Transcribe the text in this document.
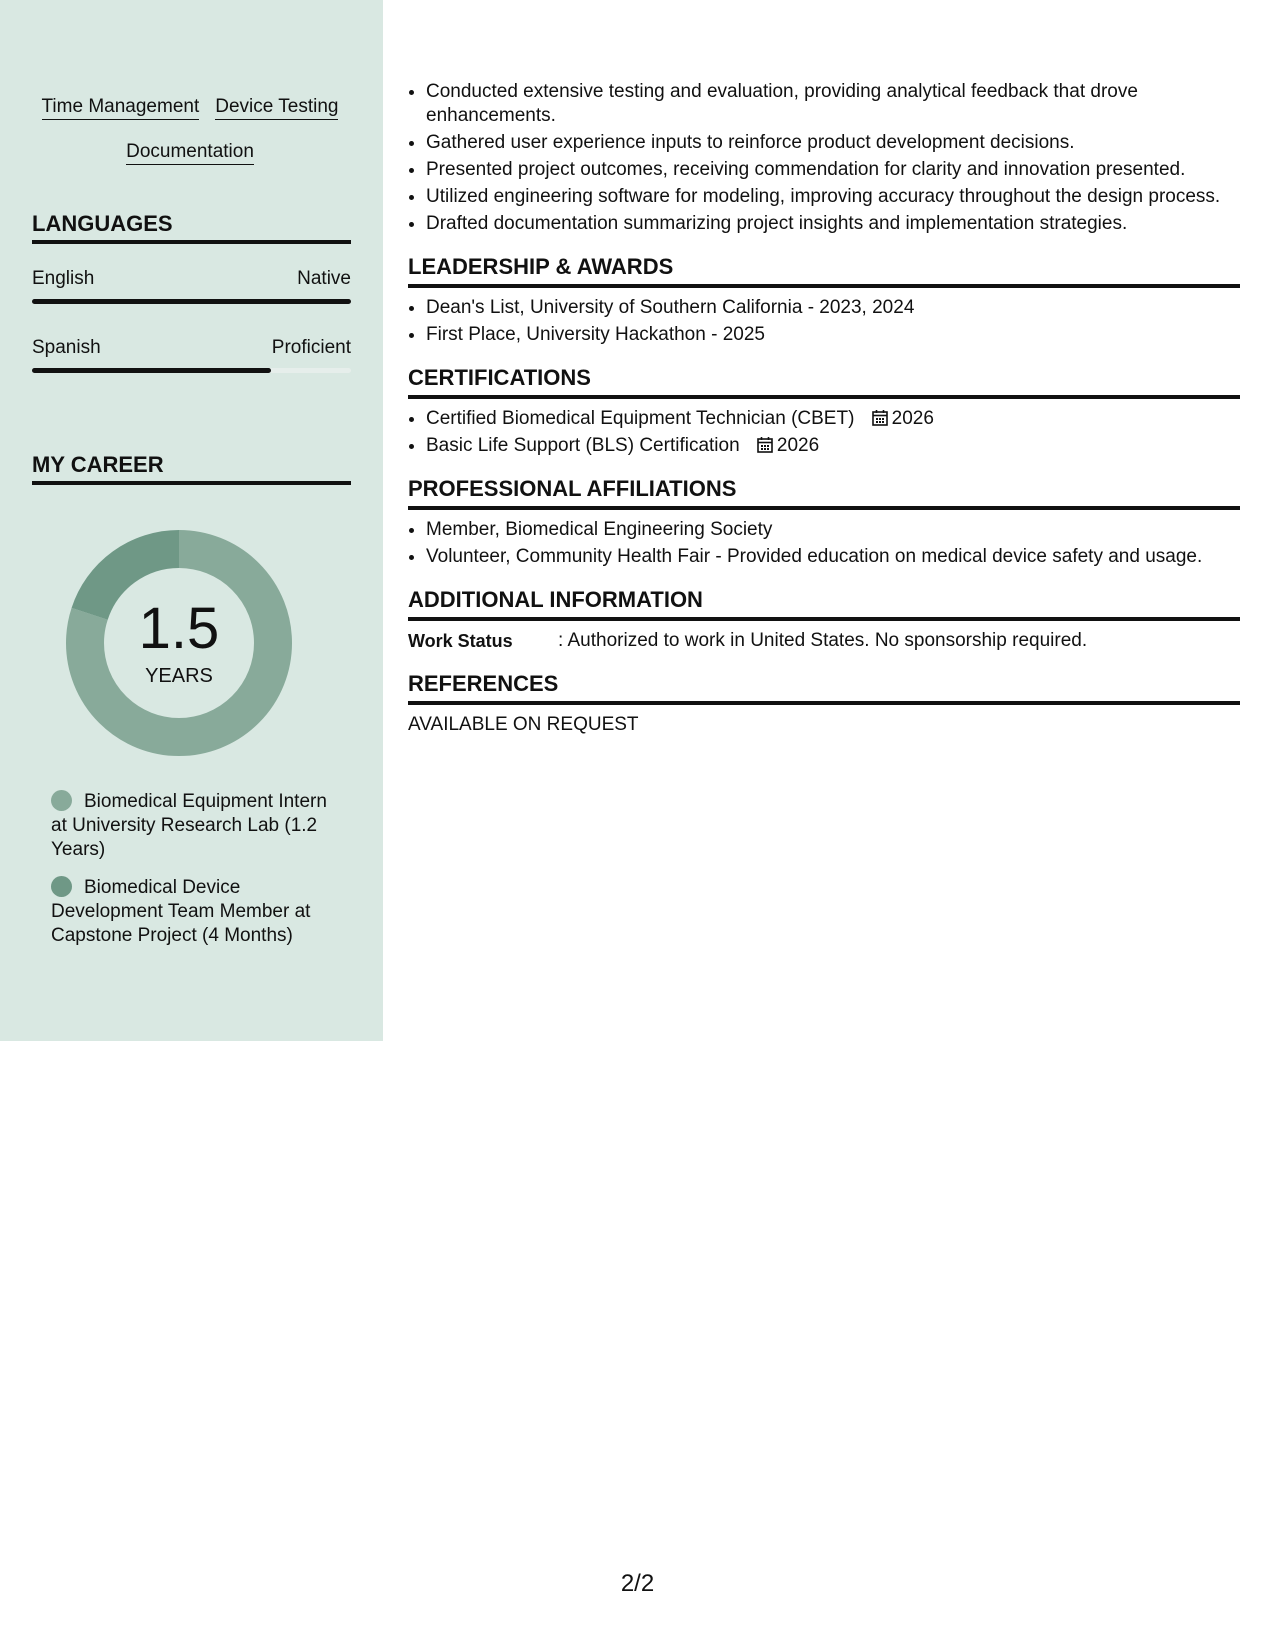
Time Management Device Testing
Documentation
LANGUAGES
English	Native
Spanish	Proficient
MY CAREER
1.5
YEARS
Biomedical Equipment Intern at University Research Lab (1.2 Years)
Biomedical Device Development Team Member at Capstone Project (4 Months)
• Conducted extensive testing and evaluation, providing analytical feedback that drove enhancements.
• Gathered user experience inputs to reinforce product development decisions.
• Presented project outcomes, receiving commendation for clarity and innovation presented.
• Utilized engineering software for modeling, improving accuracy throughout the design process.
• Drafted documentation summarizing project insights and implementation strategies.
LEADERSHIP & AWARDS
• Dean's List, University of Southern California - 2023, 2024
• First Place, University Hackathon - 2025
CERTIFICATIONS
• Certified Biomedical Equipment Technician (CBET) 2026
• Basic Life Support (BLS) Certification 2026
PROFESSIONAL AFFILIATIONS
• Member, Biomedical Engineering Society
• Volunteer, Community Health Fair - Provided education on medical device safety and usage.
ADDITIONAL INFORMATION
Work Status	: Authorized to work in United States. No sponsorship required.
REFERENCES
AVAILABLE ON REQUEST
2/2
